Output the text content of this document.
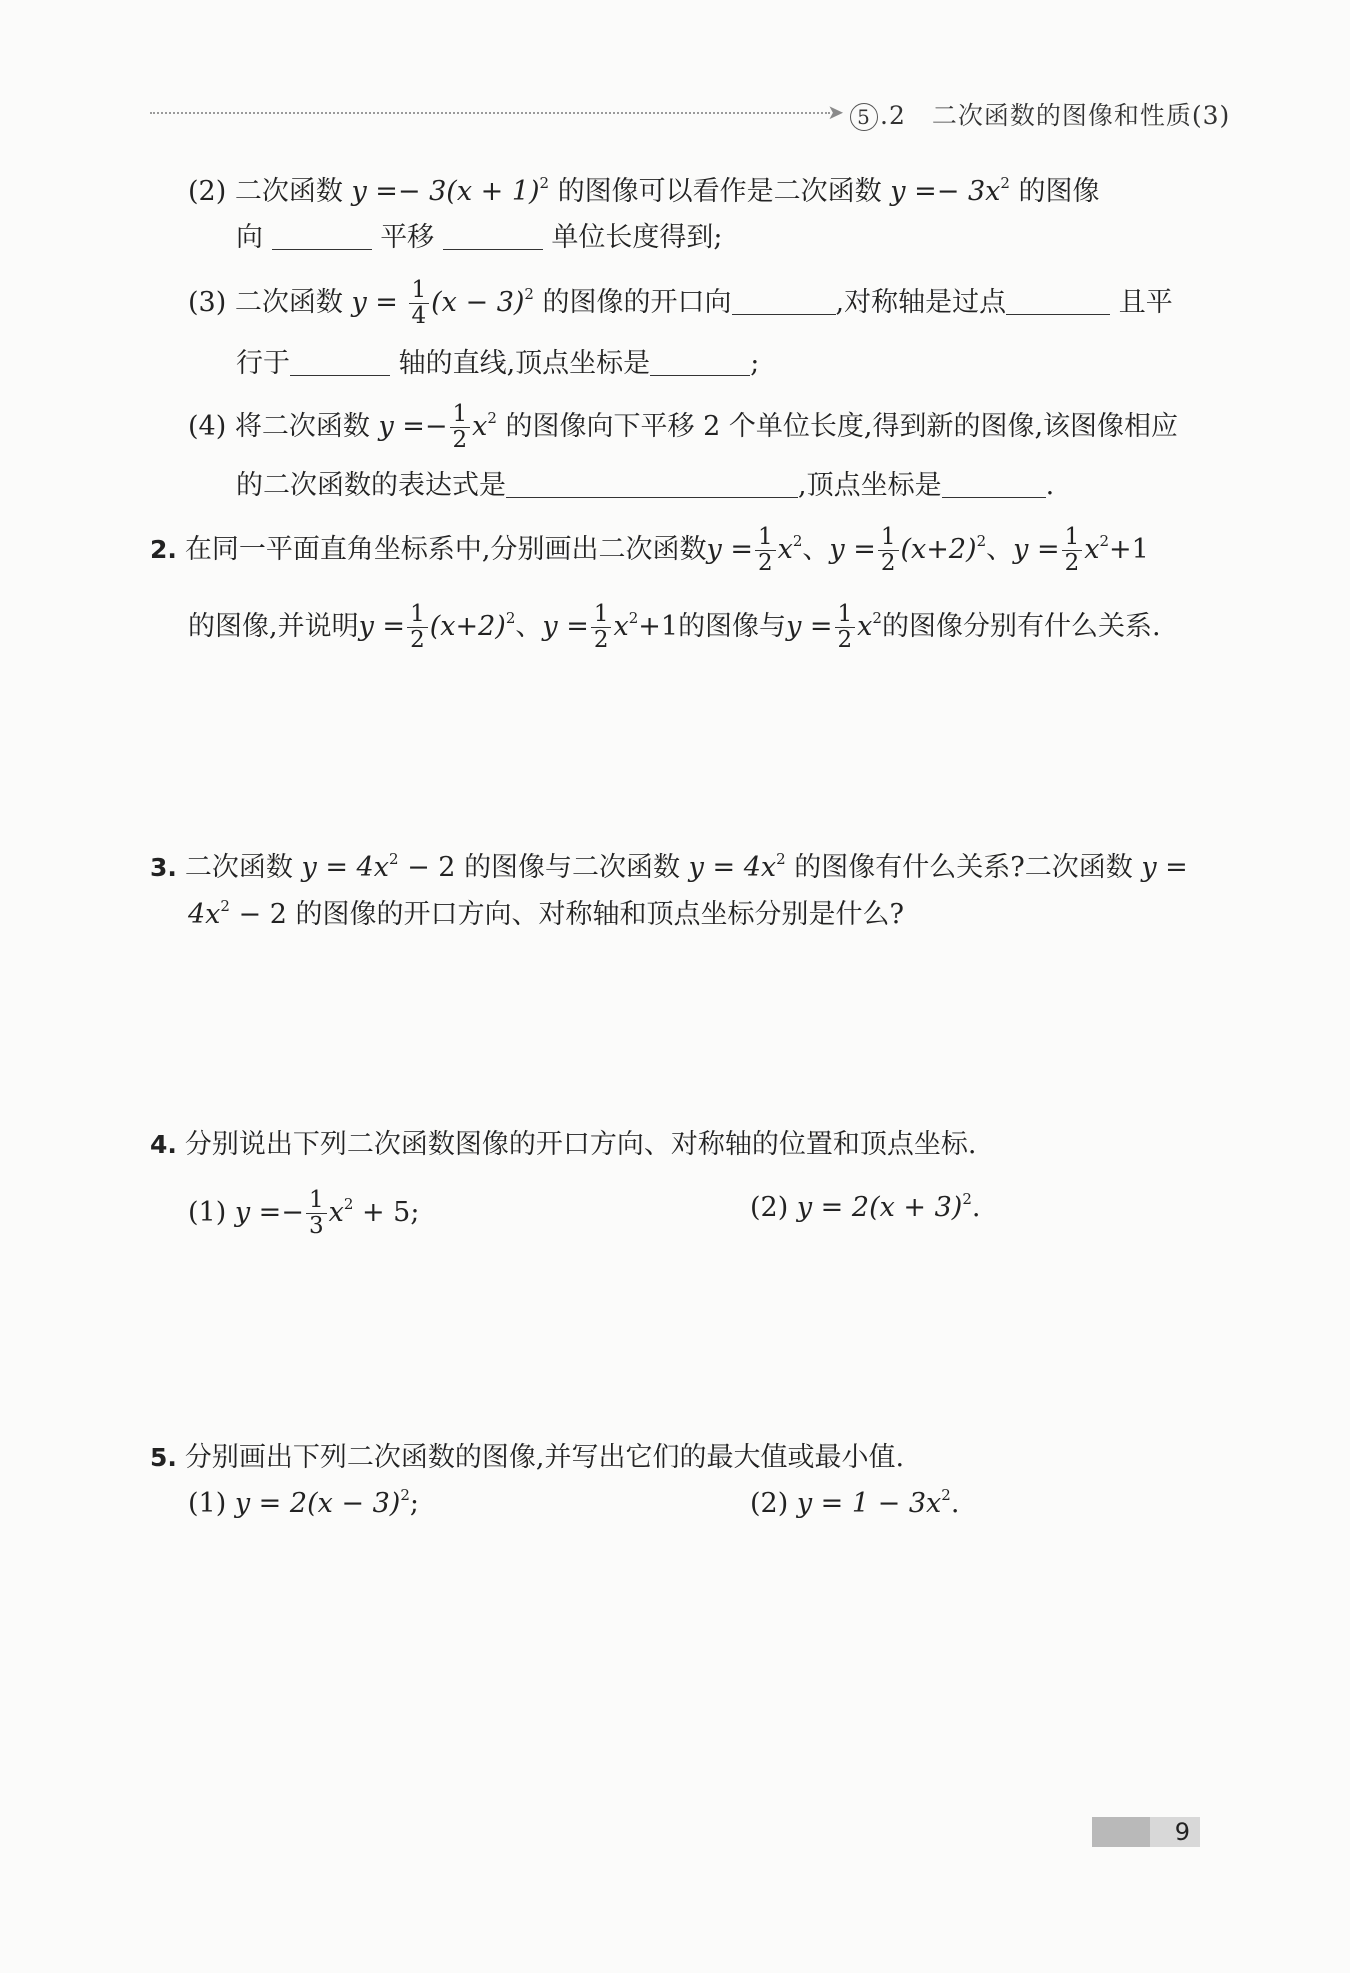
➤ 5 .2　二次函数的图像和性质(3)
(2) 二次函数 $y =- 3(x + 1)^2$ 的图像可以看作是二次函数 $y =- 3x^2$ 的图像
向	平移	单位长度得到;
(3) 二次函数 $y = \frac{1}{4} (x - 3)^2$ 的图像的开口向	,对称轴是过点	且平
行于	轴的直线,顶点坐标是	;
(4) 将二次函数 $y =- \frac{1}{2} x^2$ 的图像向下平移 2 个单位长度,得到新的图像,该图像相应
的二次函数的表达式是	,顶点坐标是	.
2. 在同一平面直角坐标系中,分别画出二次函数$y = \frac{1}{2} x^2$、$y = \frac{1}{2} (x+2)^2$、$y = \frac{1}{2} x^2+1$
的图像,并说明$y = \frac{1}{2} (x+2)^2$、$y = \frac{1}{2} x^2+1$的图像与$y = \frac{1}{2} x^2$的图像分别有什么关系.
3. 二次函数 $y = 4x^2 - 2$ 的图像与二次函数 $y = 4x^2$ 的图像有什么关系?二次函数 y =
$4x^2 - 2$ 的图像的开口方向、对称轴和顶点坐标分别是什么?
4. 分别说出下列二次函数图像的开口方向、对称轴的位置和顶点坐标.
(1) $y =- \frac{1}{3} x^2 + 5$;	(2) $y = 2(x + 3)^2$.
5. 分别画出下列二次函数的图像,并写出它们的最大值或最小值.
(1) $y = 2(x - 3)^2$;	(2) $y = 1 - 3x^2$.
9
